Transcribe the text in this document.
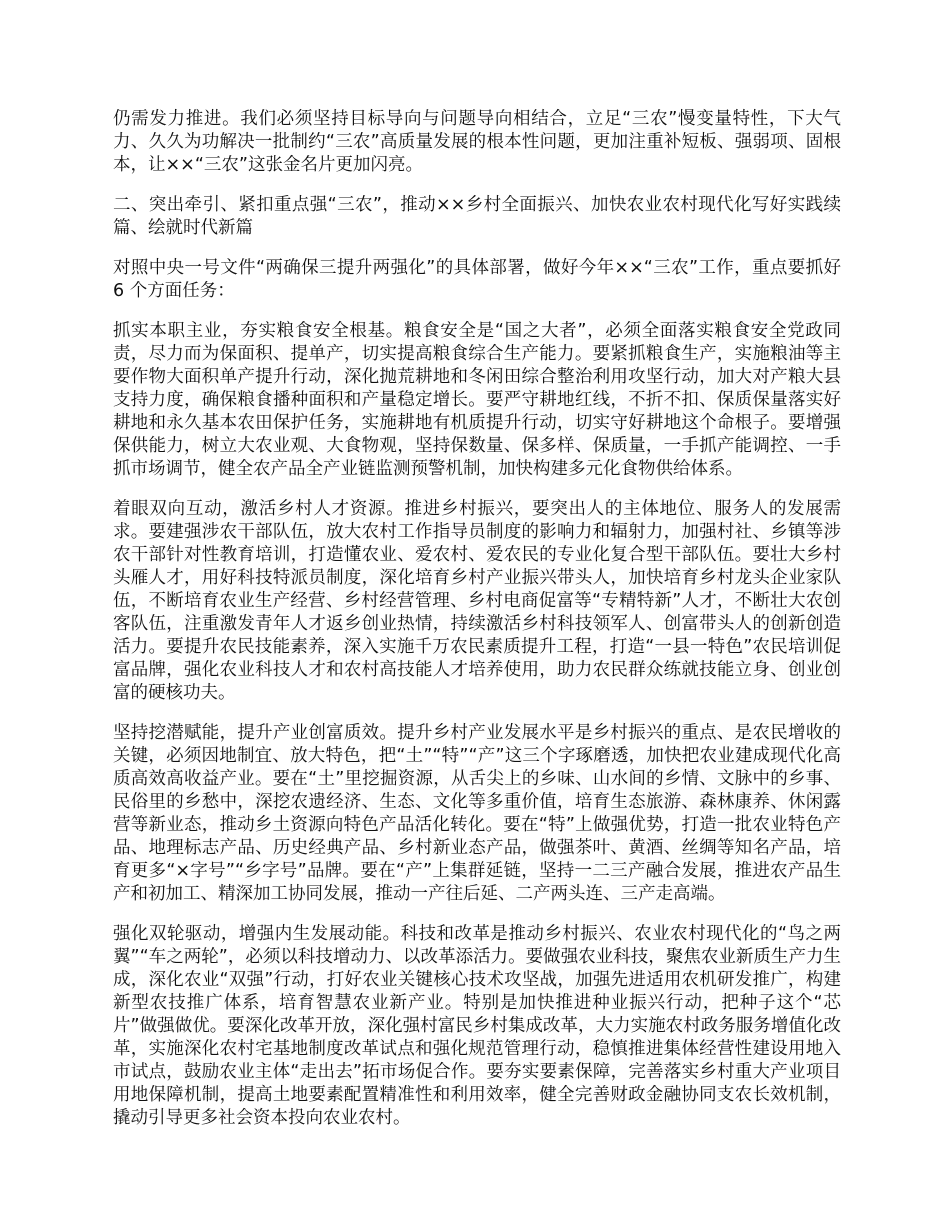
仍需发力推进。我们必须坚持目标导向与问题导向相结合，立足“三农”慢变量特性，下大气力、久久为功解决一批制约“三农”高质量发展的根本性问题，更加注重补短板、强弱项、固根本，让××“三农”这张金名片更加闪亮。

二、突出牵引、紧扣重点强“三农”，推动××乡村全面振兴、加快农业农村现代化写好实践续篇、绘就时代新篇

对照中央一号文件“两确保三提升两强化”的具体部署，做好今年××“三农”工作，重点要抓好 6 个方面任务：

抓实本职主业，夯实粮食安全根基。粮食安全是“国之大者”，必须全面落实粮食安全党政同责，尽力而为保面积、提单产，切实提高粮食综合生产能力。要紧抓粮食生产，实施粮油等主要作物大面积单产提升行动，深化抛荒耕地和冬闲田综合整治利用攻坚行动，加大对产粮大县支持力度，确保粮食播种面积和产量稳定增长。要严守耕地红线，不折不扣、保质保量落实好耕地和永久基本农田保护任务，实施耕地有机质提升行动，切实守好耕地这个命根子。要增强保供能力，树立大农业观、大食物观，坚持保数量、保多样、保质量，一手抓产能调控、一手抓市场调节，健全农产品全产业链监测预警机制，加快构建多元化食物供给体系。

着眼双向互动，激活乡村人才资源。推进乡村振兴，要突出人的主体地位、服务人的发展需求。要建强涉农干部队伍，放大农村工作指导员制度的影响力和辐射力，加强村社、乡镇等涉农干部针对性教育培训，打造懂农业、爱农村、爱农民的专业化复合型干部队伍。要壮大乡村头雁人才，用好科技特派员制度，深化培育乡村产业振兴带头人，加快培育乡村龙头企业家队伍，不断培育农业生产经营、乡村经营管理、乡村电商促富等“专精特新”人才，不断壮大农创客队伍，注重激发青年人才返乡创业热情，持续激活乡村科技领军人、创富带头人的创新创造活力。要提升农民技能素养，深入实施千万农民素质提升工程，打造“一县一特色”农民培训促富品牌，强化农业科技人才和农村高技能人才培养使用，助力农民群众练就技能立身、创业创富的硬核功夫。

坚持挖潜赋能，提升产业创富质效。提升乡村产业发展水平是乡村振兴的重点、是农民增收的关键，必须因地制宜、放大特色，把“土”“特”“产”这三个字琢磨透，加快把农业建成现代化高质高效高收益产业。要在“土”里挖掘资源，从舌尖上的乡味、山水间的乡情、文脉中的乡事、民俗里的乡愁中，深挖农遗经济、生态、文化等多重价值，培育生态旅游、森林康养、休闲露营等新业态，推动乡土资源向特色产品活化转化。要在“特”上做强优势，打造一批农业特色产品、地理标志产品、历史经典产品、乡村新业态产品，做强茶叶、黄酒、丝绸等知名产品，培育更多“×字号”“乡字号”品牌。要在“产”上集群延链，坚持一二三产融合发展，推进农产品生产和初加工、精深加工协同发展，推动一产往后延、二产两头连、三产走高端。

强化双轮驱动，增强内生发展动能。科技和改革是推动乡村振兴、农业农村现代化的“鸟之两翼”“车之两轮”，必须以科技增动力、以改革添活力。要做强农业科技，聚焦农业新质生产力生成，深化农业“双强”行动，打好农业关键核心技术攻坚战，加强先进适用农机研发推广，构建新型农技推广体系，培育智慧农业新产业。特别是加快推进种业振兴行动，把种子这个“芯片”做强做优。要深化改革开放，深化强村富民乡村集成改革，大力实施农村政务服务增值化改革，实施深化农村宅基地制度改革试点和强化规范管理行动，稳慎推进集体经营性建设用地入市试点，鼓励农业主体“走出去”拓市场促合作。要夯实要素保障，完善落实乡村重大产业项目用地保障机制，提高土地要素配置精准性和利用效率，健全完善财政金融协同支农长效机制，撬动引导更多社会资本投向农业农村。
